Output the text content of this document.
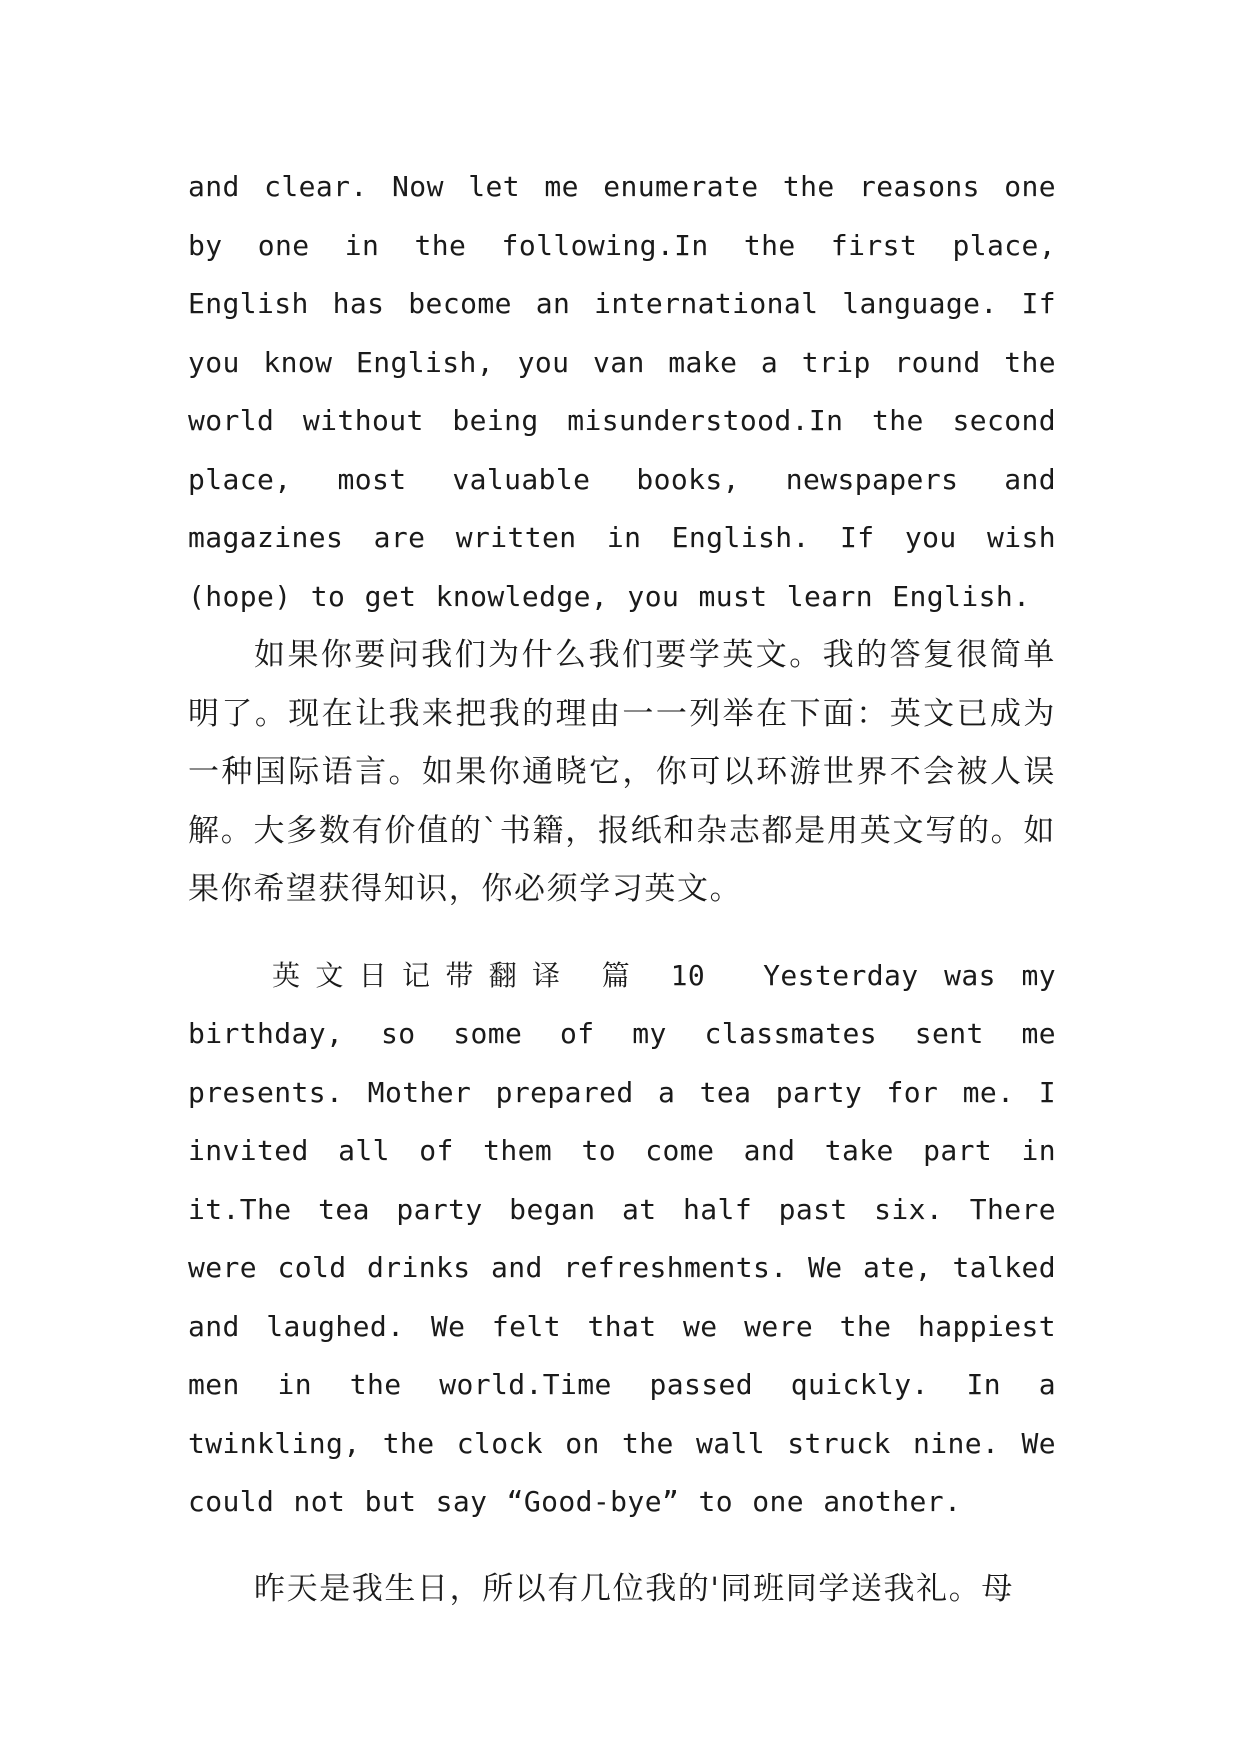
and clear. Now let me enumerate the reasons one by one in the following.In the first place, English has become an international language. If you know English, you van make a trip round the world without being misunderstood.In the second place, most valuable books, newspapers and magazines are written in English. If you wish (hope) to get knowledge, you must learn English.

如果你要问我们为什么我们要学英文。我的答复很简单明了。现在让我来把我的理由一一列举在下面：英文已成为一种国际语言。如果你通晓它，你可以环游世界不会被人误解。大多数有价值的`书籍，报纸和杂志都是用英文写的。如果你希望获得知识，你必须学习英文。

英文日记带翻译 篇 10 Yesterday was my birthday, so some of my classmates sent me presents. Mother prepared a tea party for me. I invited all of them to come and take part in it.The tea party began at half past six. There were cold drinks and refreshments. We ate, talked and laughed. We felt that we were the happiest men in the world.Time passed quickly. In a twinkling, the clock on the wall struck nine. We could not but say “Good-bye” to one another.

昨天是我生日，所以有几位我的'同班同学送我礼。母
